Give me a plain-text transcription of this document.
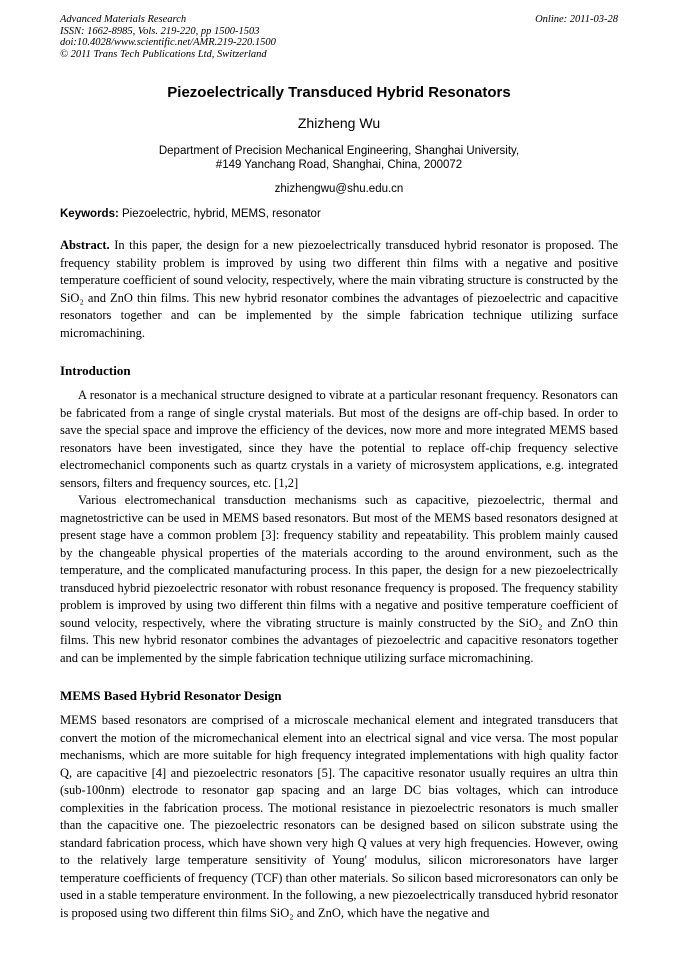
Advanced Materials Research
ISSN: 1662-8985, Vols. 219-220, pp 1500-1503
doi:10.4028/www.scientific.net/AMR.219-220.1500
© 2011 Trans Tech Publications Ltd, Switzerland
Online: 2011-03-28
Piezoelectrically Transduced Hybrid Resonators
Zhizheng Wu
Department of Precision Mechanical Engineering, Shanghai University,
#149 Yanchang Road, Shanghai, China, 200072
zhizhengwu@shu.edu.cn
Keywords: Piezoelectric, hybrid, MEMS, resonator

Abstract. In this paper, the design for a new piezoelectrically transduced hybrid resonator is proposed. The frequency stability problem is improved by using two different thin films with a negative and positive temperature coefficient of sound velocity, respectively, where the main vibrating structure is constructed by the SiO₂ and ZnO thin films. This new hybrid resonator combines the advantages of piezoelectric and capacitive resonators together and can be implemented by the simple fabrication technique utilizing surface micromachining.

Introduction

A resonator is a mechanical structure designed to vibrate at a particular resonant frequency. Resonators can be fabricated from a range of single crystal materials. But most of the designs are off-chip based. In order to save the special space and improve the efficiency of the devices, now more and more integrated MEMS based resonators have been investigated, since they have the potential to replace off-chip frequency selective electromechanicl components such as quartz crystals in a variety of microsystem applications, e.g. integrated sensors, filters and frequency sources, etc. [1,2]

Various electromechanical transduction mechanisms such as capacitive, piezoelectric, thermal and magnetostrictive can be used in MEMS based resonators. But most of the MEMS based resonators designed at present stage have a common problem [3]: frequency stability and repeatability. This problem mainly caused by the changeable physical properties of the materials according to the around environment, such as the temperature, and the complicated manufacturing process. In this paper, the design for a new piezoelectrically transduced hybrid piezoelectric resonator with robust resonance frequency is proposed. The frequency stability problem is improved by using two different thin films with a negative and positive temperature coefficient of sound velocity, respectively, where the vibrating structure is mainly constructed by the SiO₂ and ZnO thin films. This new hybrid resonator combines the advantages of piezoelectric and capacitive resonators together and can be implemented by the simple fabrication technique utilizing surface micromachining.

MEMS Based Hybrid Resonator Design

MEMS based resonators are comprised of a microscale mechanical element and integrated transducers that convert the motion of the micromechanical element into an electrical signal and vice versa. The most popular mechanisms, which are more suitable for high frequency integrated implementations with high quality factor Q, are capacitive [4] and piezoelectric resonators [5]. The capacitive resonator usually requires an ultra thin (sub-100nm) electrode to resonator gap spacing and an large DC bias voltages, which can introduce complexities in the fabrication process. The motional resistance in piezoelectric resonators is much smaller than the capacitive one. The piezoelectric resonators can be designed based on silicon substrate using the standard fabrication process, which have shown very high Q values at very high frequencies. However, owing to the relatively large temperature sensitivity of Young' modulus, silicon microresonators have larger temperature coefficients of frequency (TCF) than other materials. So silicon based microresonators can only be used in a stable temperature environment. In the following, a new piezoelectrically transduced hybrid resonator is proposed using two different thin films SiO₂ and ZnO, which have the negative and
